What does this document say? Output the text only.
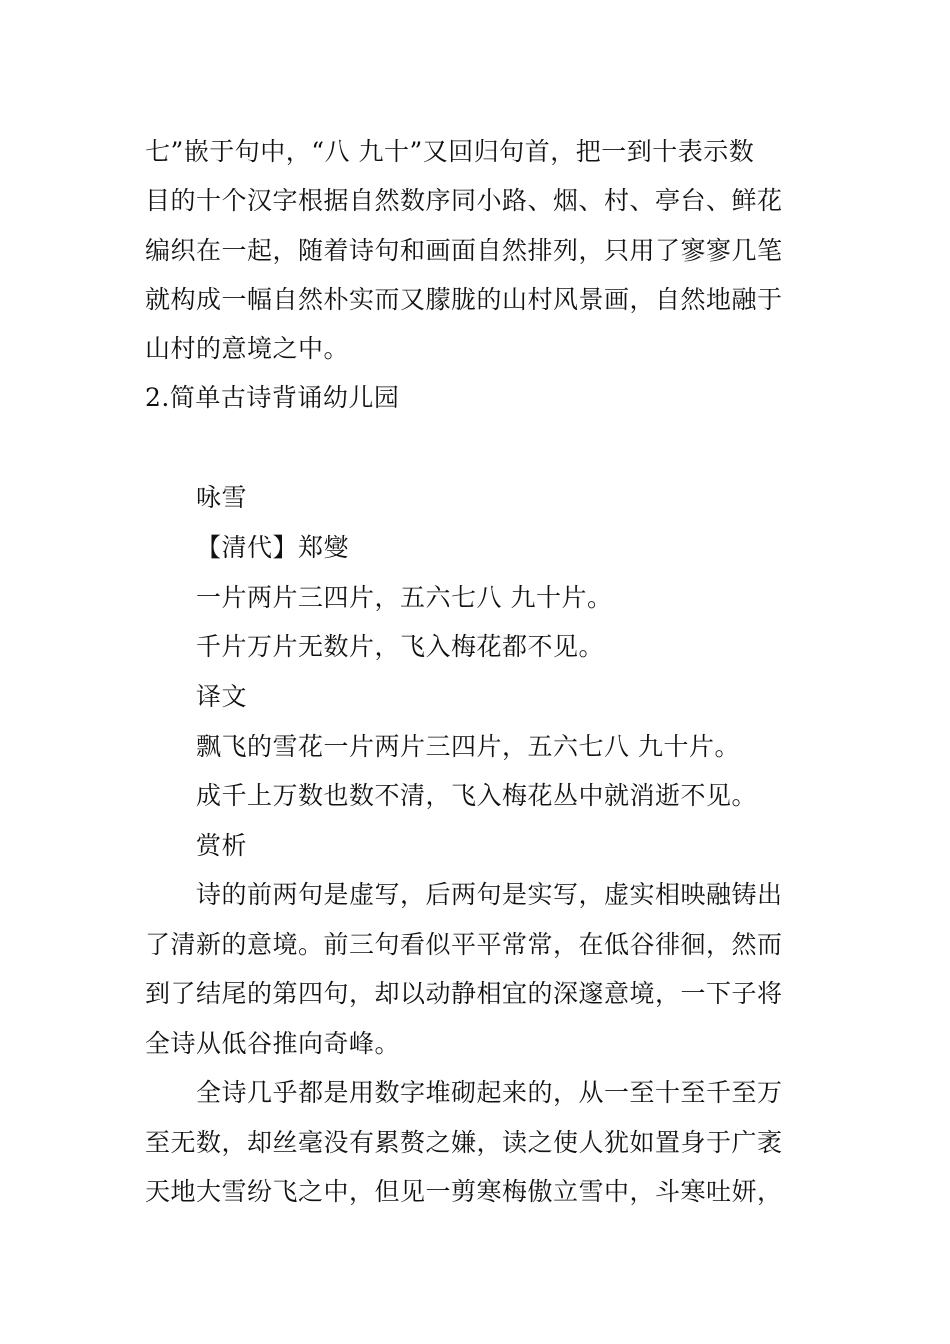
七”嵌于句中，“八 九十”又回归句首，把一到十表示数
目的十个汉字根据自然数序同小路、烟、村、亭台、鲜花
编织在一起，随着诗句和画面自然排列，只用了寥寥几笔
就构成一幅自然朴实而又朦胧的山村风景画，自然地融于
山村的意境之中。
2.简单古诗背诵幼儿园
咏雪
【清代】郑燮
一片两片三四片，五六七八 九十片。
千片万片无数片，飞入梅花都不见。
译文
飘飞的雪花一片两片三四片，五六七八 九十片。
成千上万数也数不清，飞入梅花丛中就消逝不见。
赏析
诗的前两句是虚写，后两句是实写，虚实相映融铸出
了清新的意境。前三句看似平平常常，在低谷徘徊，然而
到了结尾的第四句，却以动静相宜的深邃意境，一下子将
全诗从低谷推向奇峰。
全诗几乎都是用数字堆砌起来的，从一至十至千至万
至无数，却丝毫没有累赘之嫌，读之使人犹如置身于广袤
天地大雪纷飞之中，但见一剪寒梅傲立雪中，斗寒吐妍，
